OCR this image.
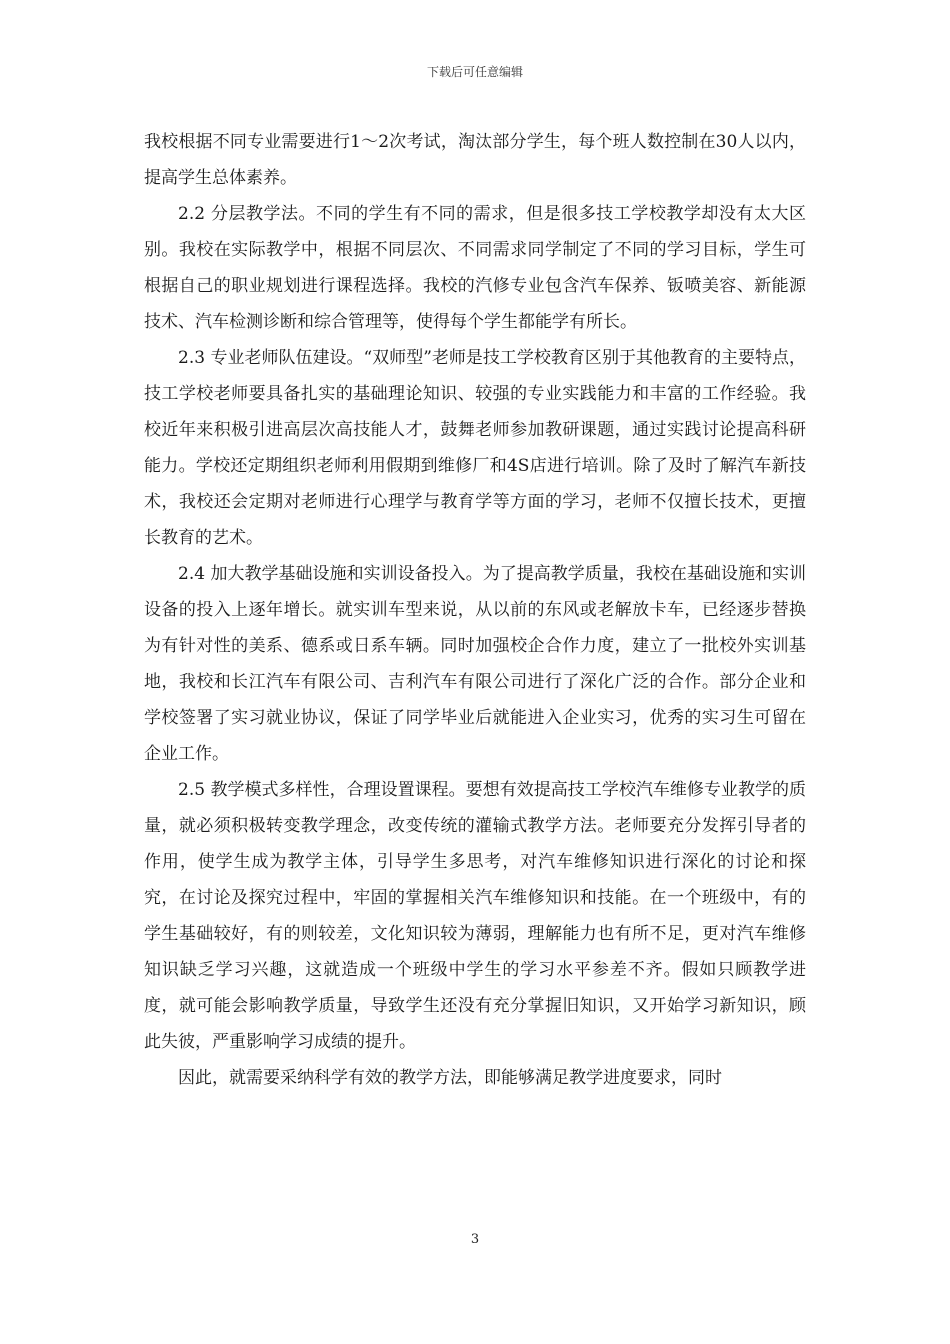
下载后可任意编辑

我校根据不同专业需要进行1～2次考试，淘汰部分学生，每个班人数控制在30人以内，提高学生总体素养。

2.2 分层教学法。不同的学生有不同的需求，但是很多技工学校教学却没有太大区别。我校在实际教学中，根据不同层次、不同需求同学制定了不同的学习目标，学生可根据自己的职业规划进行课程选择。我校的汽修专业包含汽车保养、钣喷美容、新能源技术、汽车检测诊断和综合管理等，使得每个学生都能学有所长。

2.3 专业老师队伍建设。“双师型”老师是技工学校教育区别于其他教育的主要特点，技工学校老师要具备扎实的基础理论知识、较强的专业实践能力和丰富的工作经验。我校近年来积极引进高层次高技能人才，鼓舞老师参加教研课题，通过实践讨论提高科研能力。学校还定期组织老师利用假期到维修厂和4S店进行培训。除了及时了解汽车新技术，我校还会定期对老师进行心理学与教育学等方面的学习，老师不仅擅长技术，更擅长教育的艺术。

2.4 加大教学基础设施和实训设备投入。为了提高教学质量，我校在基础设施和实训设备的投入上逐年增长。就实训车型来说，从以前的东风或老解放卡车，已经逐步替换为有针对性的美系、德系或日系车辆。同时加强校企合作力度，建立了一批校外实训基地，我校和长江汽车有限公司、吉利汽车有限公司进行了深化广泛的合作。部分企业和学校签署了实习就业协议，保证了同学毕业后就能进入企业实习，优秀的实习生可留在企业工作。

2.5 教学模式多样性，合理设置课程。要想有效提高技工学校汽车维修专业教学的质量，就必须积极转变教学理念，改变传统的灌输式教学方法。老师要充分发挥引导者的作用，使学生成为教学主体，引导学生多思考，对汽车维修知识进行深化的讨论和探究，在讨论及探究过程中，牢固的掌握相关汽车维修知识和技能。在一个班级中，有的学生基础较好，有的则较差，文化知识较为薄弱，理解能力也有所不足，更对汽车维修知识缺乏学习兴趣，这就造成一个班级中学生的学习水平参差不齐。假如只顾教学进度，就可能会影响教学质量，导致学生还没有充分掌握旧知识，又开始学习新知识，顾此失彼，严重影响学习成绩的提升。

因此，就需要采纳科学有效的教学方法，即能够满足教学进度要求，同时

3
